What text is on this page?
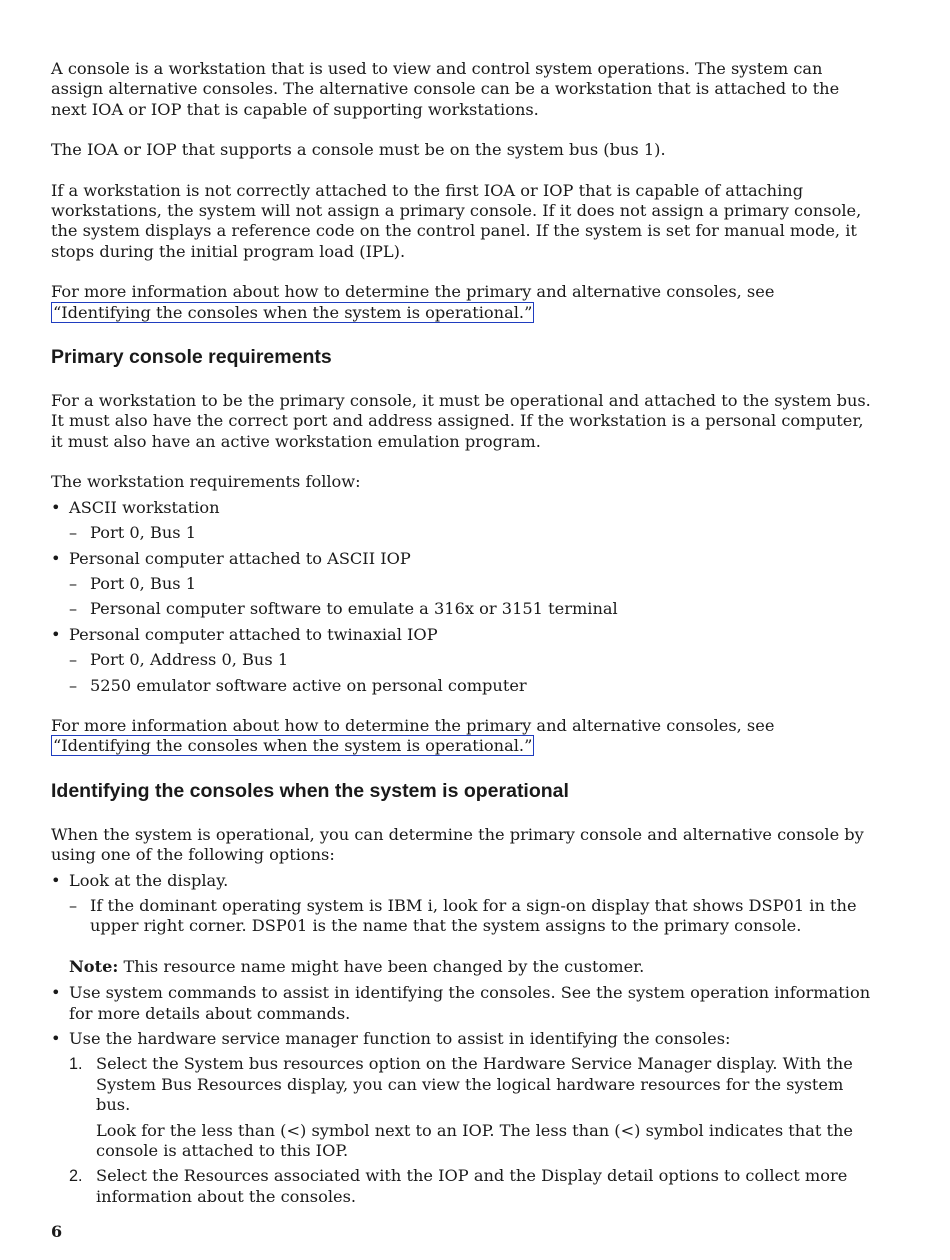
A console is a workstation that is used to view and control system operations. The system can assign alternative consoles. The alternative console can be a workstation that is attached to the next IOA or IOP that is capable of supporting workstations.

The IOA or IOP that supports a console must be on the system bus (bus 1).

If a workstation is not correctly attached to the first IOA or IOP that is capable of attaching workstations, the system will not assign a primary console. If it does not assign a primary console, the system displays a reference code on the control panel. If the system is set for manual mode, it stops during the initial program load (IPL).

For more information about how to determine the primary and alternative consoles, see “Identifying the consoles when the system is operational.”

Primary console requirements

For a workstation to be the primary console, it must be operational and attached to the system bus. It must also have the correct port and address assigned. If the workstation is a personal computer, it must also have an active workstation emulation program.

The workstation requirements follow:

• ASCII workstation
– Port 0, Bus 1
• Personal computer attached to ASCII IOP
– Port 0, Bus 1
– Personal computer software to emulate a 316x or 3151 terminal
• Personal computer attached to twinaxial IOP
– Port 0, Address 0, Bus 1
– 5250 emulator software active on personal computer

For more information about how to determine the primary and alternative consoles, see “Identifying the consoles when the system is operational.”

Identifying the consoles when the system is operational

When the system is operational, you can determine the primary console and alternative console by using one of the following options:

• Look at the display.
– If the dominant operating system is IBM i, look for a sign-on display that shows DSP01 in the upper right corner. DSP01 is the name that the system assigns to the primary console.

Note: This resource name might have been changed by the customer.

• Use system commands to assist in identifying the consoles. See the system operation information for more details about commands.
• Use the hardware service manager function to assist in identifying the consoles:
1. Select the System bus resources option on the Hardware Service Manager display. With the System Bus Resources display, you can view the logical hardware resources for the system bus.
Look for the less than (<) symbol next to an IOP. The less than (<) symbol indicates that the console is attached to this IOP.
2. Select the Resources associated with the IOP and the Display detail options to collect more information about the consoles.
6
